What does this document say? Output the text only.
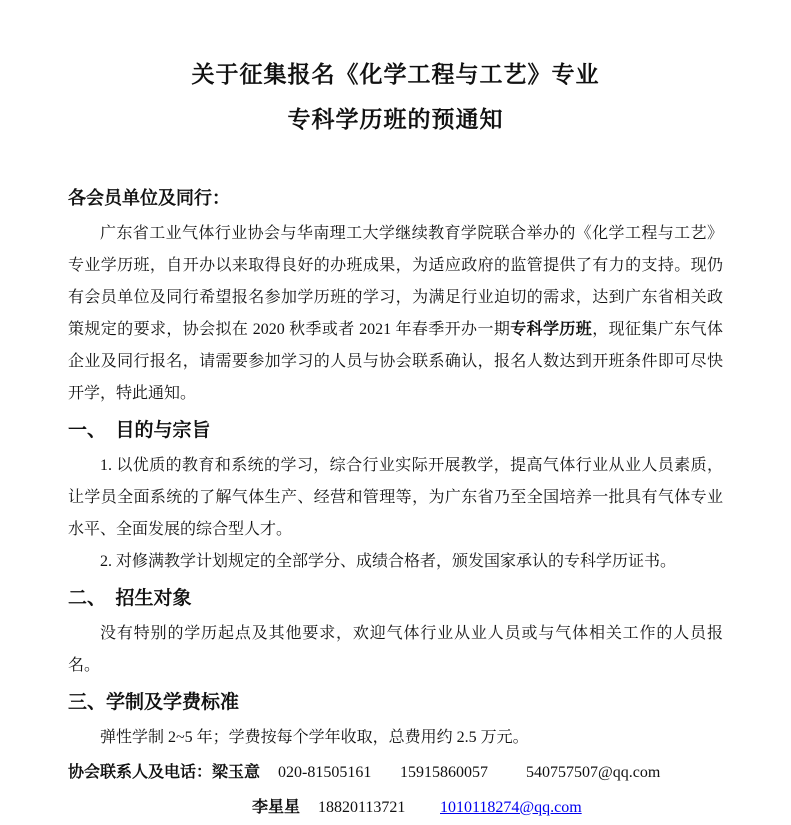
关于征集报名《化学工程与工艺》专业
专科学历班的预通知

各会员单位及同行：

广东省工业气体行业协会与华南理工大学继续教育学院联合举办的《化学工程与工艺》专业学历班，自开办以来取得良好的办班成果，为适应政府的监管提供了有力的支持。现仍有会员单位及同行希望报名参加学历班的学习，为满足行业迫切的需求，达到广东省相关政策规定的要求，协会拟在 2020 秋季或者 2021 年春季开办一期专科学历班，现征集广东气体企业及同行报名，请需要参加学习的人员与协会联系确认，报名人数达到开班条件即可尽快开学，特此通知。

一、　目的与宗旨

1. 以优质的教育和系统的学习，综合行业实际开展教学，提高气体行业从业人员素质，让学员全面系统的了解气体生产、经营和管理等，为广东省乃至全国培养一批具有气体专业水平、全面发展的综合型人才。

2. 对修满教学计划规定的全部学分、成绩合格者，颁发国家承认的专科学历证书。

二、　招生对象

没有特别的学历起点及其他要求，欢迎气体行业从业人员或与气体相关工作的人员报名。

三、学制及学费标准

弹性学制 2~5 年；学费按每个学年收取，总费用约 2.5 万元。

协会联系人及电话： 梁玉意	020-81505161	15915860057	540757507@qq.com
李星星	18820113721	1010118274@qq.com
